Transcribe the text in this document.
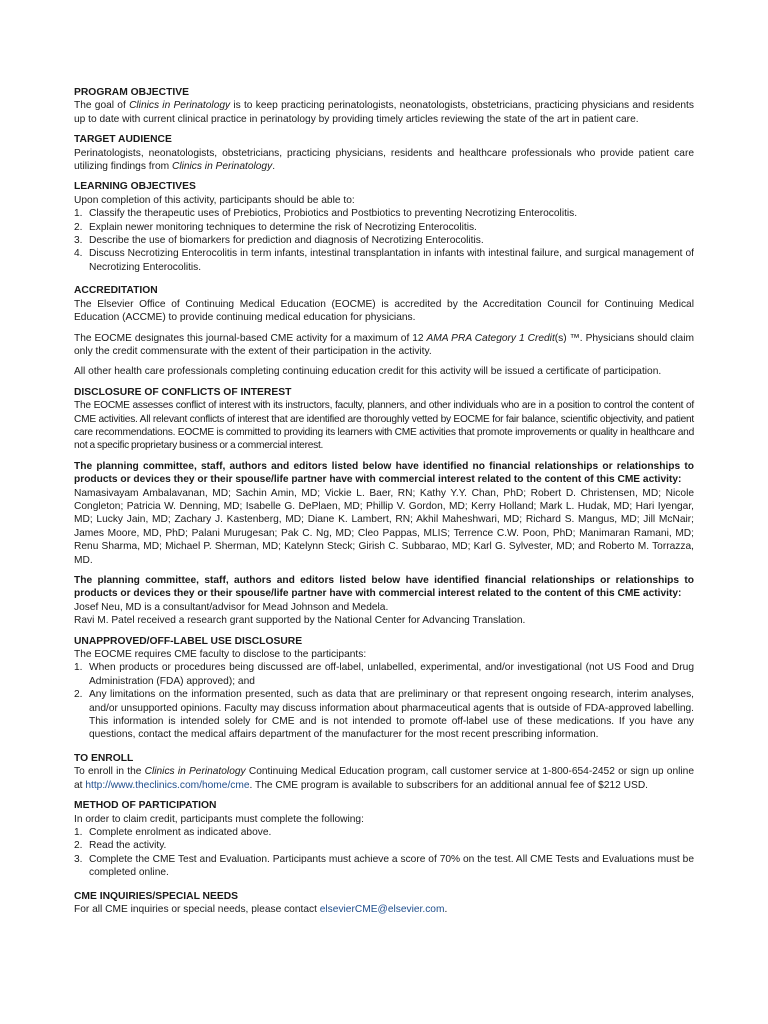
PROGRAM OBJECTIVE

The goal of Clinics in Perinatology is to keep practicing perinatologists, neonatologists, obstetricians, practicing physicians and residents up to date with current clinical practice in perinatology by providing timely articles reviewing the state of the art in patient care.

TARGET AUDIENCE

Perinatologists, neonatologists, obstetricians, practicing physicians, residents and healthcare professionals who provide patient care utilizing findings from Clinics in Perinatology.

LEARNING OBJECTIVES

Upon completion of this activity, participants should be able to:

1. Classify the therapeutic uses of Prebiotics, Probiotics and Postbiotics to preventing Necrotizing Enterocolitis.
2. Explain newer monitoring techniques to determine the risk of Necrotizing Enterocolitis.
3. Describe the use of biomarkers for prediction and diagnosis of Necrotizing Enterocolitis.
4. Discuss Necrotizing Enterocolitis in term infants, intestinal transplantation in infants with intestinal failure, and surgical management of Necrotizing Enterocolitis.
ACCREDITATION

The Elsevier Office of Continuing Medical Education (EOCME) is accredited by the Accreditation Council for Continuing Medical Education (ACCME) to provide continuing medical education for physicians.

The EOCME designates this journal-based CME activity for a maximum of 12 AMA PRA Category 1 Credit(s) ™. Physicians should claim only the credit commensurate with the extent of their participation in the activity.

All other health care professionals completing continuing education credit for this activity will be issued a certificate of participation.

DISCLOSURE OF CONFLICTS OF INTEREST

The EOCME assesses conflict of interest with its instructors, faculty, planners, and other individuals who are in a position to control the content of CME activities. All relevant conflicts of interest that are identified are thoroughly vetted by EOCME for fair balance, scientific objectivity, and patient care recommendations. EOCME is committed to providing its learners with CME activities that promote improvements or quality in healthcare and not a specific proprietary business or a commercial interest.

The planning committee, staff, authors and editors listed below have identified no financial relationships or relationships to products or devices they or their spouse/life partner have with commercial interest related to the content of this CME activity:

Namasivayam Ambalavanan, MD; Sachin Amin, MD; Vickie L. Baer, RN; Kathy Y.Y. Chan, PhD; Robert D. Christensen, MD; Nicole Congleton; Patricia W. Denning, MD; Isabelle G. DePlaen, MD; Phillip V. Gordon, MD; Kerry Holland; Mark L. Hudak, MD; Hari Iyengar, MD; Lucky Jain, MD; Zachary J. Kastenberg, MD; Diane K. Lambert, RN; Akhil Maheshwari, MD; Richard S. Mangus, MD; Jill McNair; James Moore, MD, PhD; Palani Murugesan; Pak C. Ng, MD; Cleo Pappas, MLIS; Terrence C.W. Poon, PhD; Manimaran Ramani, MD; Renu Sharma, MD; Michael P. Sherman, MD; Katelynn Steck; Girish C. Subbarao, MD; Karl G. Sylvester, MD; and Roberto M. Torrazza, MD.

The planning committee, staff, authors and editors listed below have identified financial relationships or relationships to products or devices they or their spouse/life partner have with commercial interest related to the content of this CME activity:

Josef Neu, MD is a consultant/advisor for Mead Johnson and Medela.

Ravi M. Patel received a research grant supported by the National Center for Advancing Translation.

UNAPPROVED/OFF-LABEL USE DISCLOSURE

The EOCME requires CME faculty to disclose to the participants:

1. When products or procedures being discussed are off-label, unlabelled, experimental, and/or investigational (not US Food and Drug Administration (FDA) approved); and
2. Any limitations on the information presented, such as data that are preliminary or that represent ongoing research, interim analyses, and/or unsupported opinions. Faculty may discuss information about pharmaceutical agents that is outside of FDA-approved labelling. This information is intended solely for CME and is not intended to promote off-label use of these medications. If you have any questions, contact the medical affairs department of the manufacturer for the most recent prescribing information.
TO ENROLL

To enroll in the Clinics in Perinatology Continuing Medical Education program, call customer service at 1-800-654-2452 or sign up online at http://www.theclinics.com/home/cme. The CME program is available to subscribers for an additional annual fee of $212 USD.

METHOD OF PARTICIPATION

In order to claim credit, participants must complete the following:

1. Complete enrolment as indicated above.
2. Read the activity.
3. Complete the CME Test and Evaluation. Participants must achieve a score of 70% on the test. All CME Tests and Evaluations must be completed online.
CME INQUIRIES/SPECIAL NEEDS

For all CME inquiries or special needs, please contact elsevierCME@elsevier.com.
